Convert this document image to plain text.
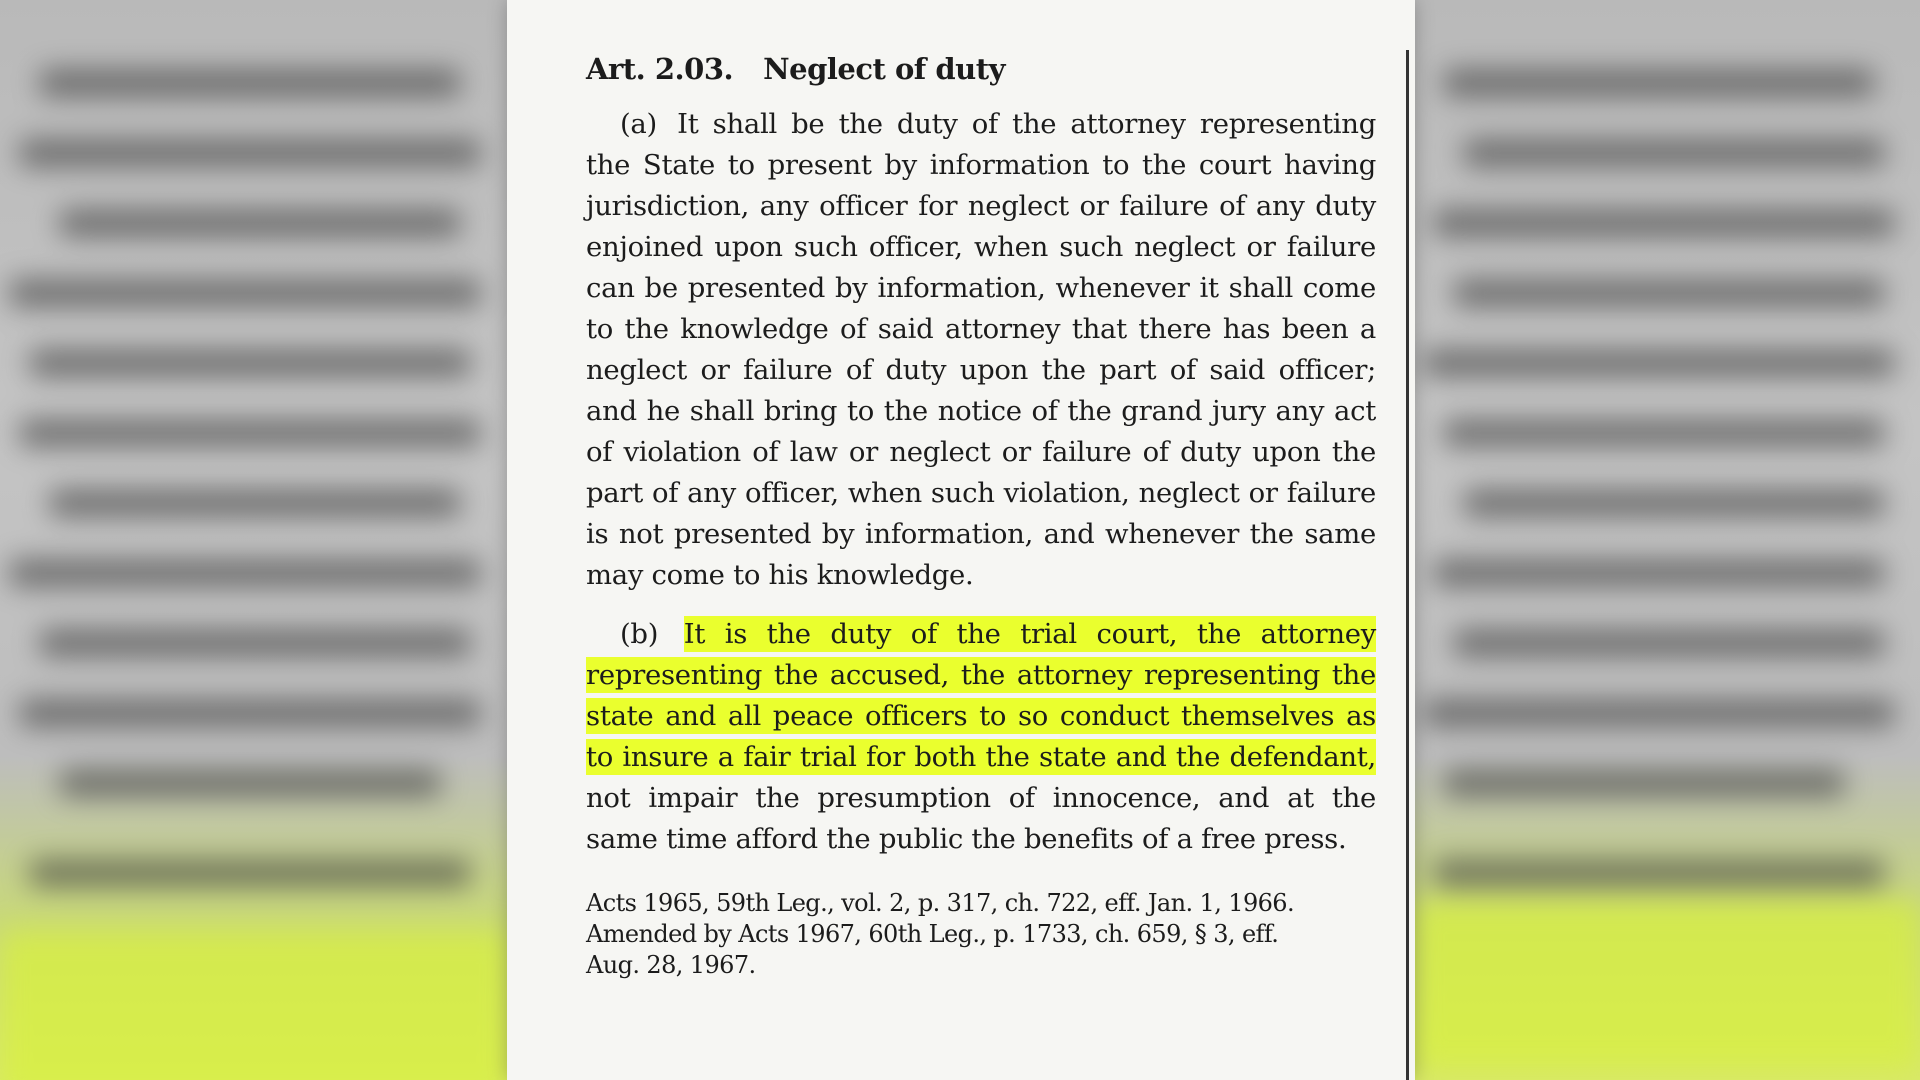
Art. 2.03. Neglect of duty

(a) It shall be the duty of the attorney representing the State to present by information to the court having jurisdiction, any officer for neglect or failure of any duty enjoined upon such officer, when such neglect or failure can be presented by information, whenever it shall come to the knowledge of said attorney that there has been a neglect or failure of duty upon the part of said officer; and he shall bring to the notice of the grand jury any act of violation of law or neglect or failure of duty upon the part of any officer, when such violation, neglect or failure is not presented by information, and whenever the same may come to his knowledge.

(b) It is the duty of the trial court, the attorney representing the accused, the attorney representing the state and all peace officers to so conduct themselves as to insure a fair trial for both the state and the defendant, not impair the presumption of innocence, and at the same time afford the public the benefits of a free press.

Acts 1965, 59th Leg., vol. 2, p. 317, ch. 722, eff. Jan. 1, 1966.
Amended by Acts 1967, 60th Leg., p. 1733, ch. 659, § 3, eff.
Aug. 28, 1967.
